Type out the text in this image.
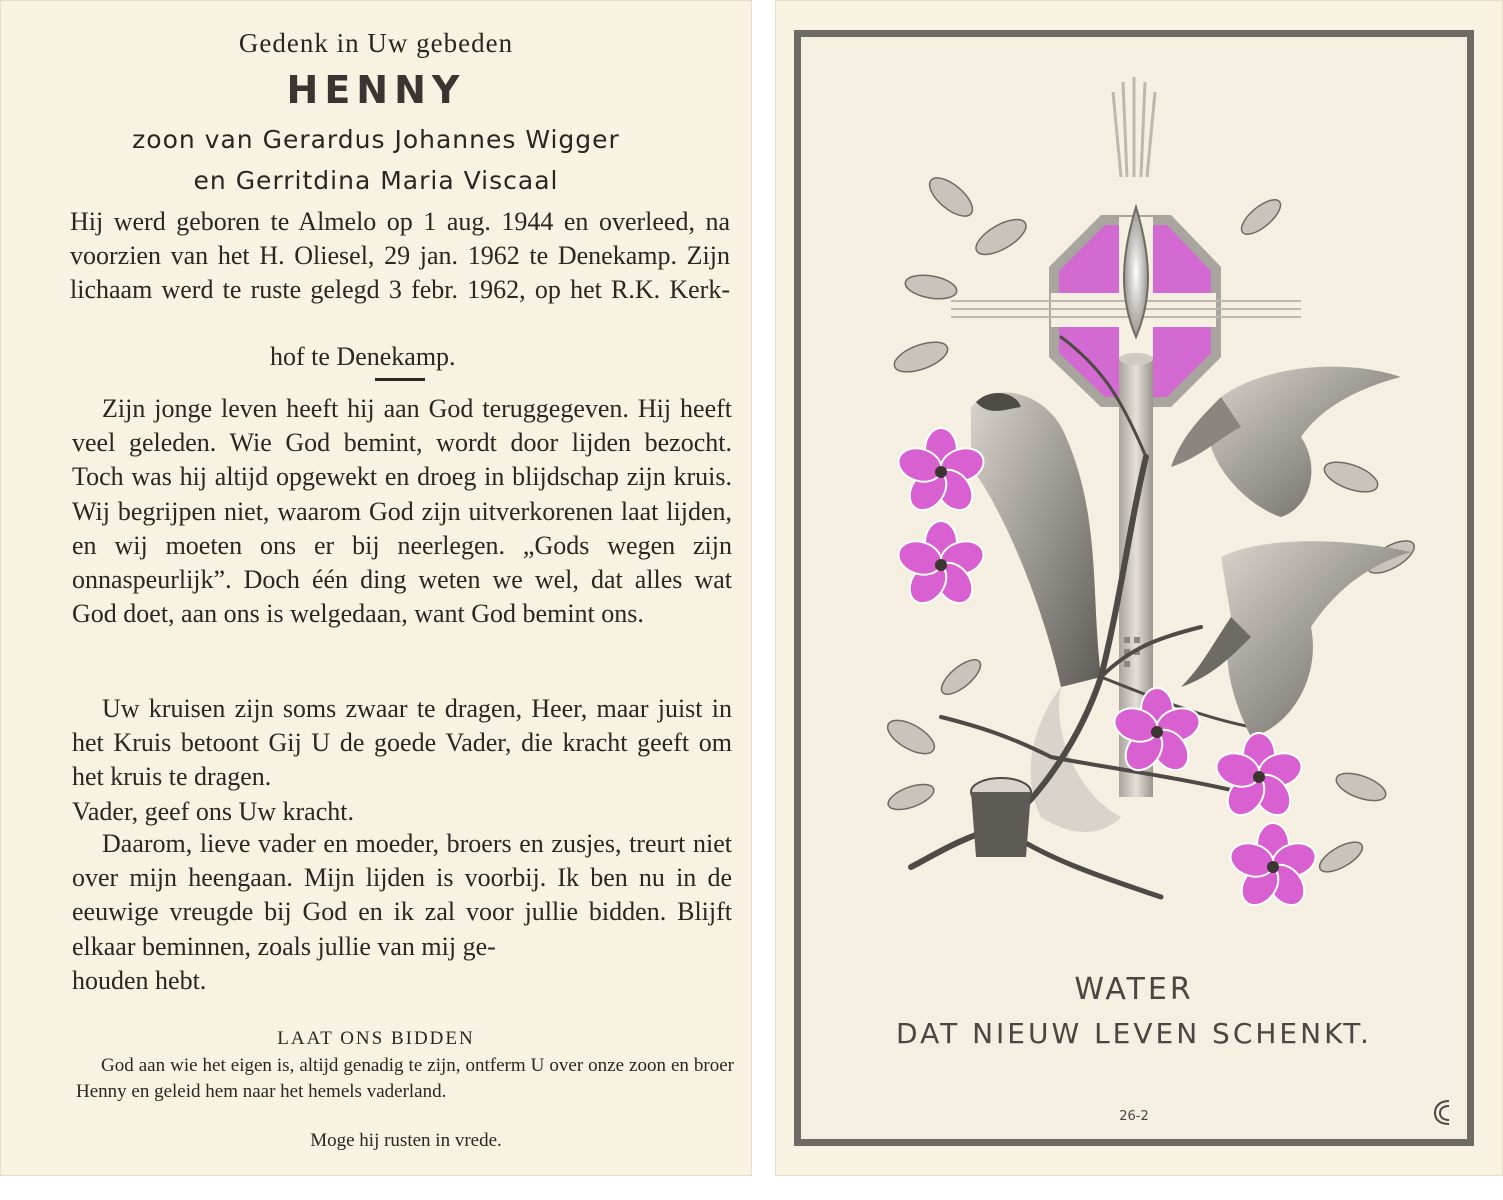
Gedenk in Uw gebeden
HENNY
zoon van Gerardus Johannes Wigger
en Gerritdina Maria Viscaal
Hij werd geboren te Almelo op 1 aug. 1944 en overleed, na voorzien van het H. Oliesel, 29 jan. 1962 te Denekamp. Zijn lichaam werd te ruste gelegd 3 febr. 1962, op het R.K. Kerk-
hof te Denekamp.

Zijn jonge leven heeft hij aan God teruggegeven. Hij heeft veel geleden. Wie God bemint, wordt door lijden bezocht. Toch was hij altijd opgewekt en droeg in blijdschap zijn kruis. Wij begrijpen niet, waarom God zijn uitverkorenen laat lijden, en wij moeten ons er bij neerlegen. „Gods wegen zijn onnaspeurlijk”. Doch één ding weten we wel, dat alles wat God doet, aan ons is welgedaan, want God bemint ons.

Uw kruisen zijn soms zwaar te dragen, Heer, maar juist in het Kruis betoont Gij U de goede Vader, die kracht geeft om het kruis te dragen.

Vader, geef ons Uw kracht.

Daarom, lieve vader en moeder, broers en zusjes, treurt niet over mijn heengaan. Mijn lijden is voorbij. Ik ben nu in de eeuwige vreugde bij God en ik zal voor jullie bidden. Blijft elkaar beminnen, zoals jullie van mij ge-

houden hebt.

LAAT ONS BIDDEN
God aan wie het eigen is, altijd genadig te zijn, ontferm U over onze zoon en broer Henny en geleid hem naar het hemels vaderland.
Moge hij rusten in vrede.
WATER
DAT NIEUW LEVEN SCHENKT.
26-2
